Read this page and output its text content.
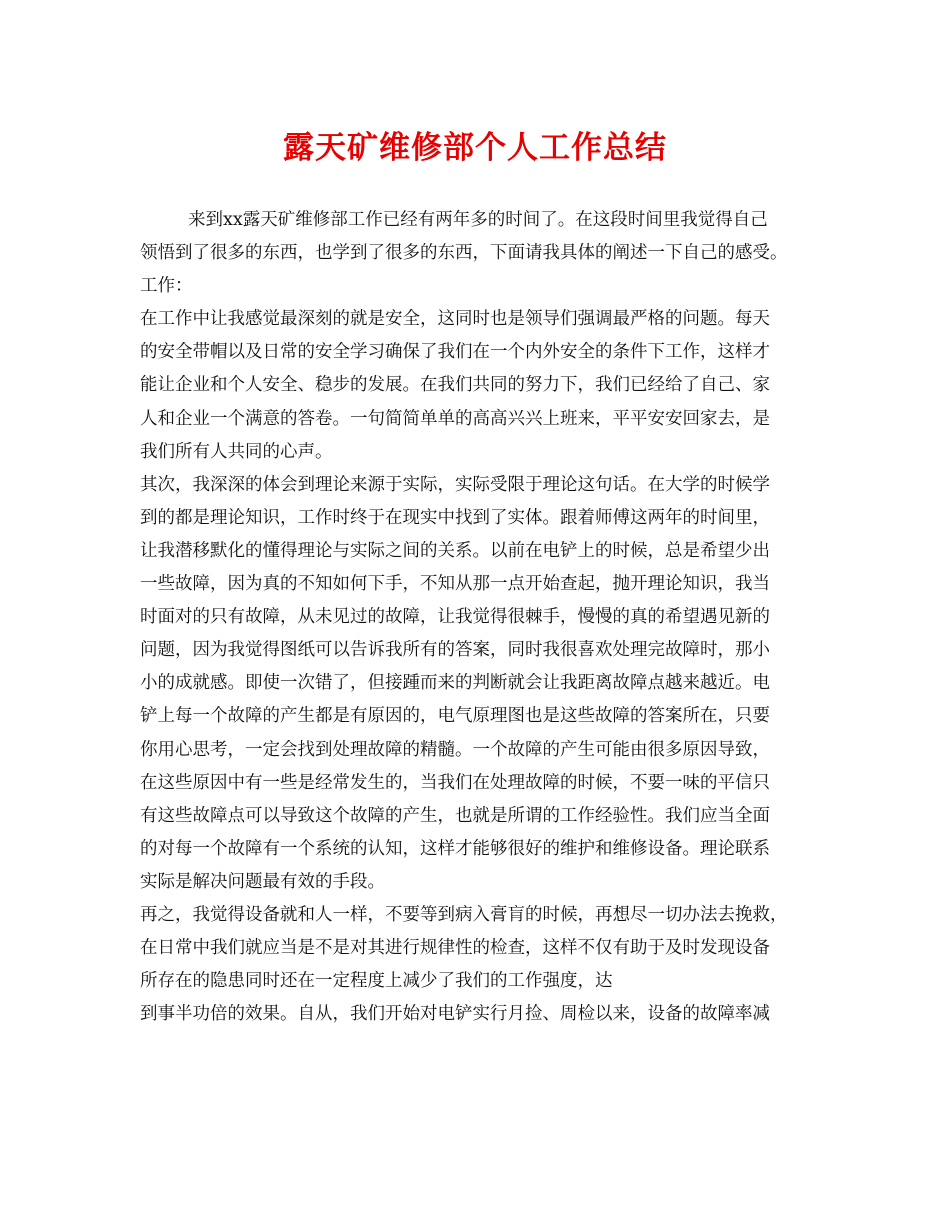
露天矿维修部个人工作总结
来到xx露天矿维修部工作已经有两年多的时间了。在这段时间里我觉得自己
领悟到了很多的东西，也学到了很多的东西，下面请我具体的阐述一下自己的感受。
工作：
在工作中让我感觉最深刻的就是安全，这同时也是领导们强调最严格的问题。每天
的安全带帽以及日常的安全学习确保了我们在一个内外安全的条件下工作，这样才
能让企业和个人安全、稳步的发展。在我们共同的努力下，我们已经给了自己、家
人和企业一个满意的答卷。一句简简单单的高高兴兴上班来，平平安安回家去，是
我们所有人共同的心声。
其次，我深深的体会到理论来源于实际，实际受限于理论这句话。在大学的时候学
到的都是理论知识，工作时终于在现实中找到了实体。跟着师傅这两年的时间里，
让我潜移默化的懂得理论与实际之间的关系。以前在电铲上的时候，总是希望少出
一些故障，因为真的不知如何下手，不知从那一点开始查起，抛开理论知识，我当
时面对的只有故障，从未见过的故障，让我觉得很棘手，慢慢的真的希望遇见新的
问题，因为我觉得图纸可以告诉我所有的答案，同时我很喜欢处理完故障时，那小
小的成就感。即使一次错了，但接踵而来的判断就会让我距离故障点越来越近。电
铲上每一个故障的产生都是有原因的，电气原理图也是这些故障的答案所在，只要
你用心思考，一定会找到处理故障的精髓。一个故障的产生可能由很多原因导致，
在这些原因中有一些是经常发生的，当我们在处理故障的时候，不要一味的平信只
有这些故障点可以导致这个故障的产生，也就是所谓的工作经验性。我们应当全面
的对每一个故障有一个系统的认知，这样才能够很好的维护和维修设备。理论联系
实际是解决问题最有效的手段。
再之，我觉得设备就和人一样，不要等到病入膏肓的时候，再想尽一切办法去挽救，
在日常中我们就应当是不是对其进行规律性的检查，这样不仅有助于及时发现设备
所存在的隐患同时还在一定程度上减少了我们的工作强度，达
到事半功倍的效果。自从，我们开始对电铲实行月捡、周检以来，设备的故障率减
